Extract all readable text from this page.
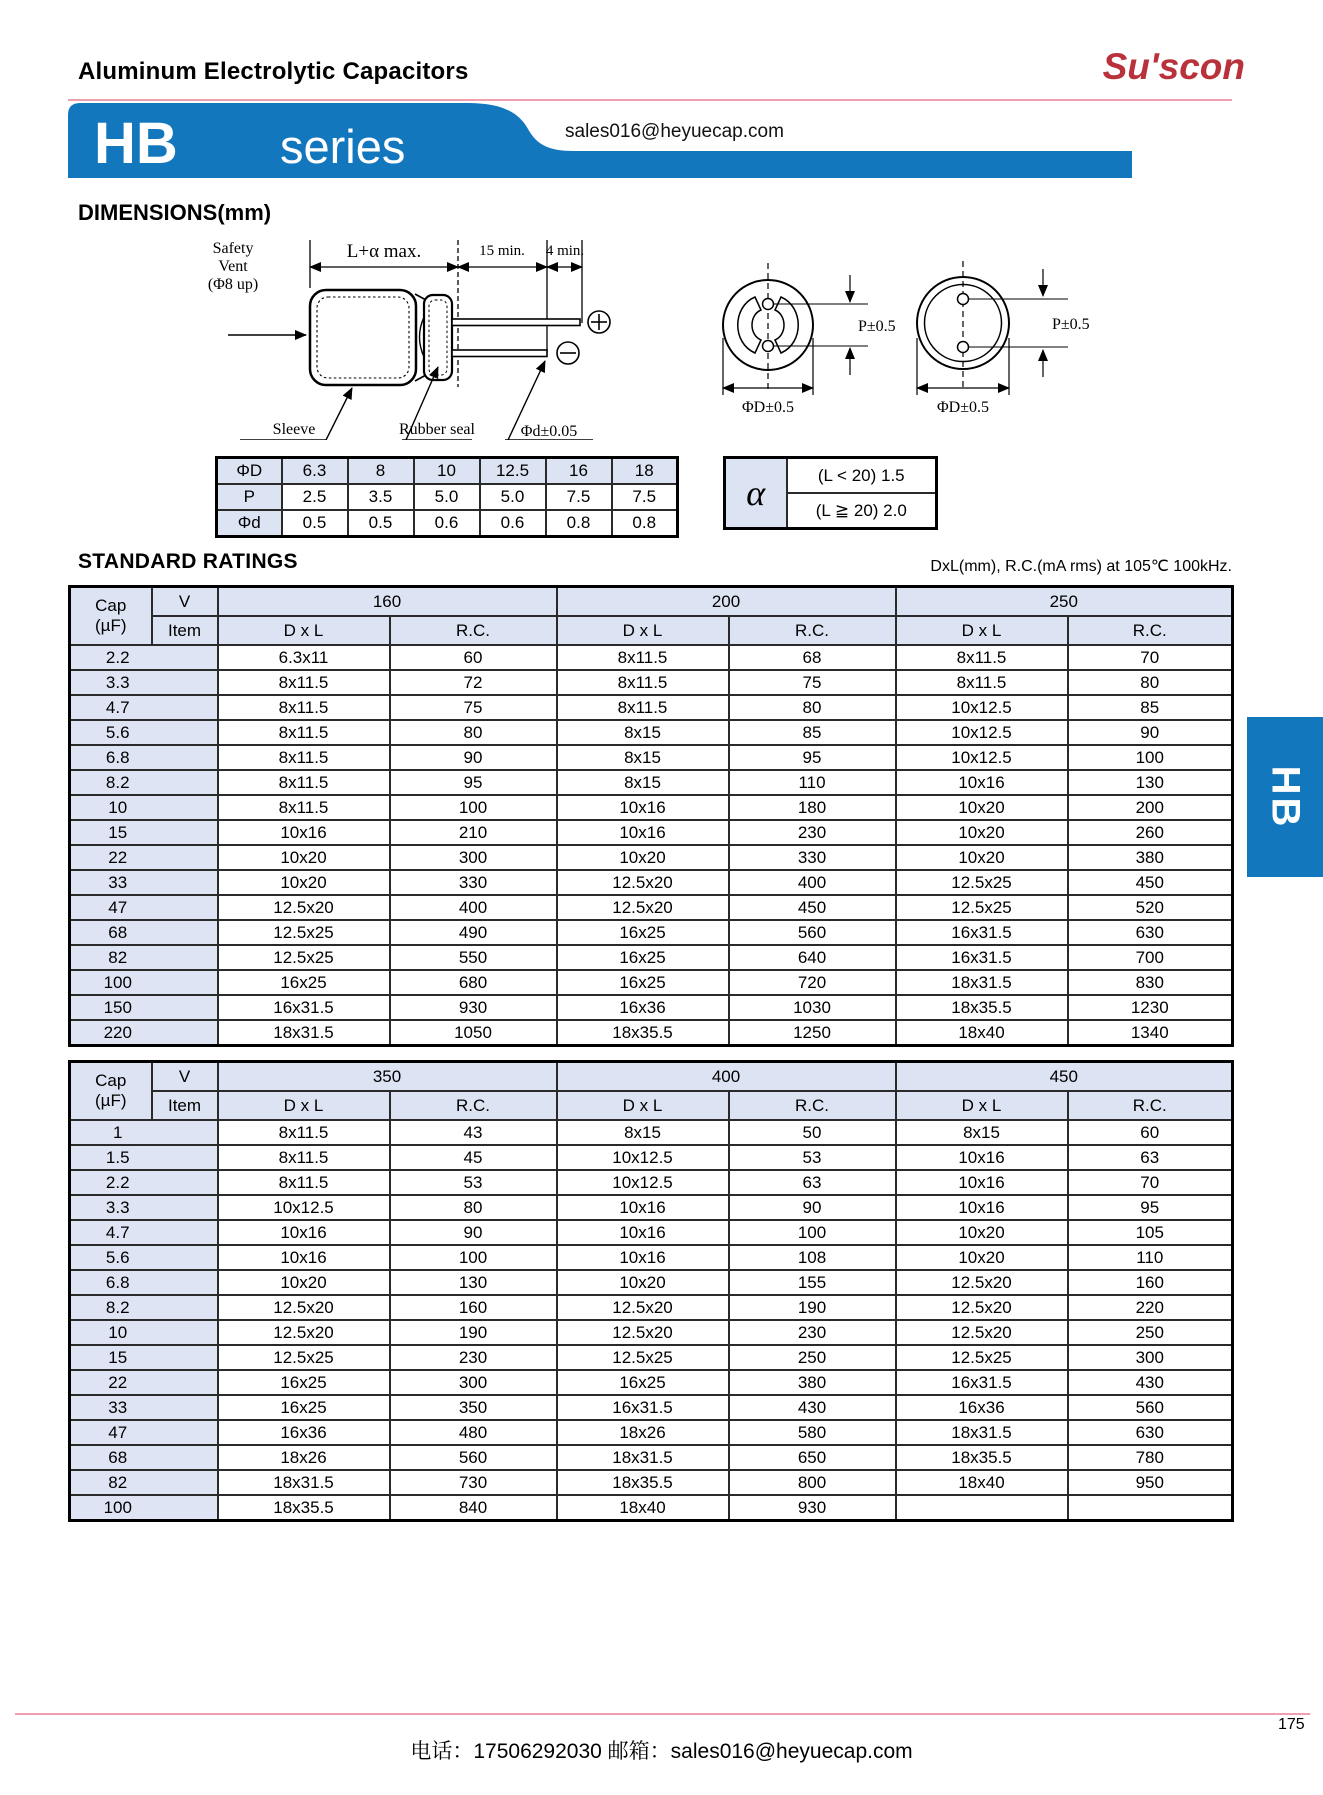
Aluminum Electrolytic Capacitors	Su'scon
HB series	sales016@heyuecap.com
DIMENSIONS(mm)
L+α max.	15 min. 4 min.
Safety
Vent
(Φ8 up)
Sleeve	Rubber seal	Φd±0.05
P±0.5
ΦD±0.5
P±0.5
ΦD±0.5
ΦD	6.3	8	10	12.5	16	18
P	2.5	3.5	5.0	5.0	7.5	7.5
Φd	0.5	0.5	0.6	0.6	0.8	0.8
α	(L < 20) 1.5
(L ≧ 20) 2.0
STANDARD RATINGS	DxL(mm), R.C.(mA rms) at 105℃ 100kHz.
Cap
(µF)	V	160		200		250	
	Item	D x L	R.C.	D x L	R.C.	D x L	R.C.
2.2		6.3x11	60	8x11.5	68	8x11.5	70
3.3		8x11.5	72	8x11.5	75	8x11.5	80
4.7		8x11.5	75	8x11.5	80	10x12.5	85
5.6		8x11.5	80	8x15	85	10x12.5	90
6.8		8x11.5	90	8x15	95	10x12.5	100
8.2		8x11.5	95	8x15	110	10x16	130
10		8x11.5	100	10x16	180	10x20	200
15		10x16	210	10x16	230	10x20	260
22		10x20	300	10x20	330	10x20	380
33		10x20	330	12.5x20	400	12.5x25	450
47		12.5x20	400	12.5x20	450	12.5x25	520
68		12.5x25	490	16x25	560	16x31.5	630
82		12.5x25	550	16x25	640	16x31.5	700
100		16x25	680	16x25	720	18x31.5	830
150		16x31.5	930	16x36	1030	18x35.5	1230
220		18x31.5	1050	18x35.5	1250	18x40	1340
Cap
(µF)	V	350		400		450	
	Item	D x L	R.C.	D x L	R.C.	D x L	R.C.
1		8x11.5	43	8x15	50	8x15	60
1.5		8x11.5	45	10x12.5	53	10x16	63
2.2		8x11.5	53	10x12.5	63	10x16	70
3.3		10x12.5	80	10x16	90	10x16	95
4.7		10x16	90	10x16	100	10x20	105
5.6		10x16	100	10x16	108	10x20	110
6.8		10x20	130	10x20	155	12.5x20	160
8.2		12.5x20	160	12.5x20	190	12.5x20	220
10		12.5x20	190	12.5x20	230	12.5x20	250
15		12.5x25	230	12.5x25	250	12.5x25	300
22		16x25	300	16x25	380	16x31.5	430
33		16x25	350	16x31.5	430	16x36	560
47		16x36	480	18x26	580	18x31.5	630
68		18x26	560	18x31.5	650	18x35.5	780
82		18x31.5	730	18x35.5	800	18x40	950
100		18x35.5	840	18x40	930		
HB
电话：17506292030 邮箱：sales016@heyuecap.com
175
